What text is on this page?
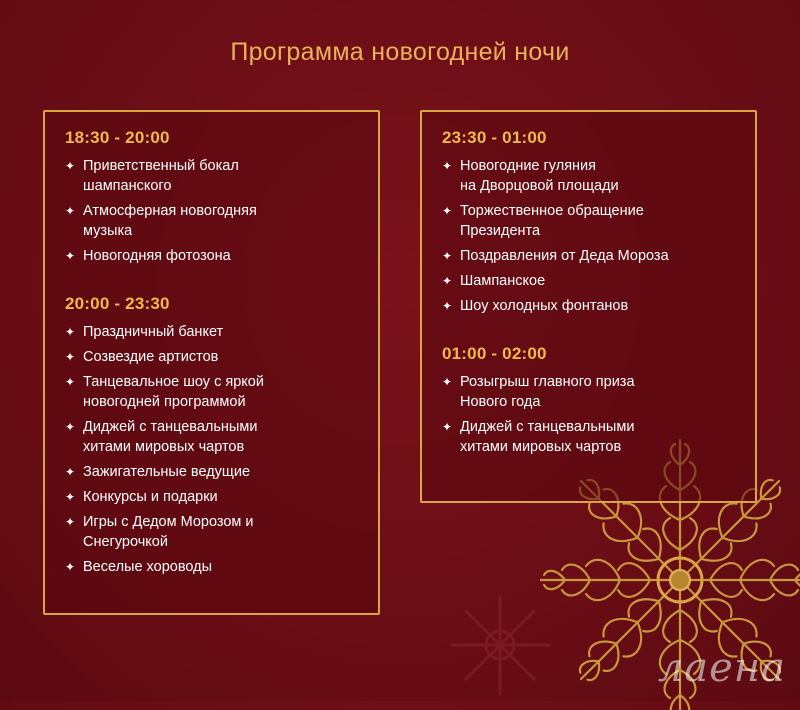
Программа новогодней ночи
18:30 - 20:00
✦ Приветственный бокал
шампанского
✦ Атмосферная новогодняя
музыка
✦ Новогодняя фотозона
20:00 - 23:30
✦ Праздничный банкет
✦ Созвездие артистов
✦ Танцевальное шоу с яркой
новогодней программой
✦ Диджей с танцевальными
хитами мировых чартов
✦ Зажигательные ведущие
✦ Конкурсы и подарки
✦ Игры с Дедом Морозом и
Снегурочкой
✦ Веселые хороводы
23:30 - 01:00
✦ Новогодние гуляния
на Дворцовой площади
✦ Торжественное обращение
Президента
✦ Поздравления от Деда Мороза
✦ Шампанское
✦ Шоу холодных фонтанов
01:00 - 02:00
✦ Розыгрыш главного приза
Нового года
✦ Диджей с танцевальными
хитами мировых чартов
лаена
